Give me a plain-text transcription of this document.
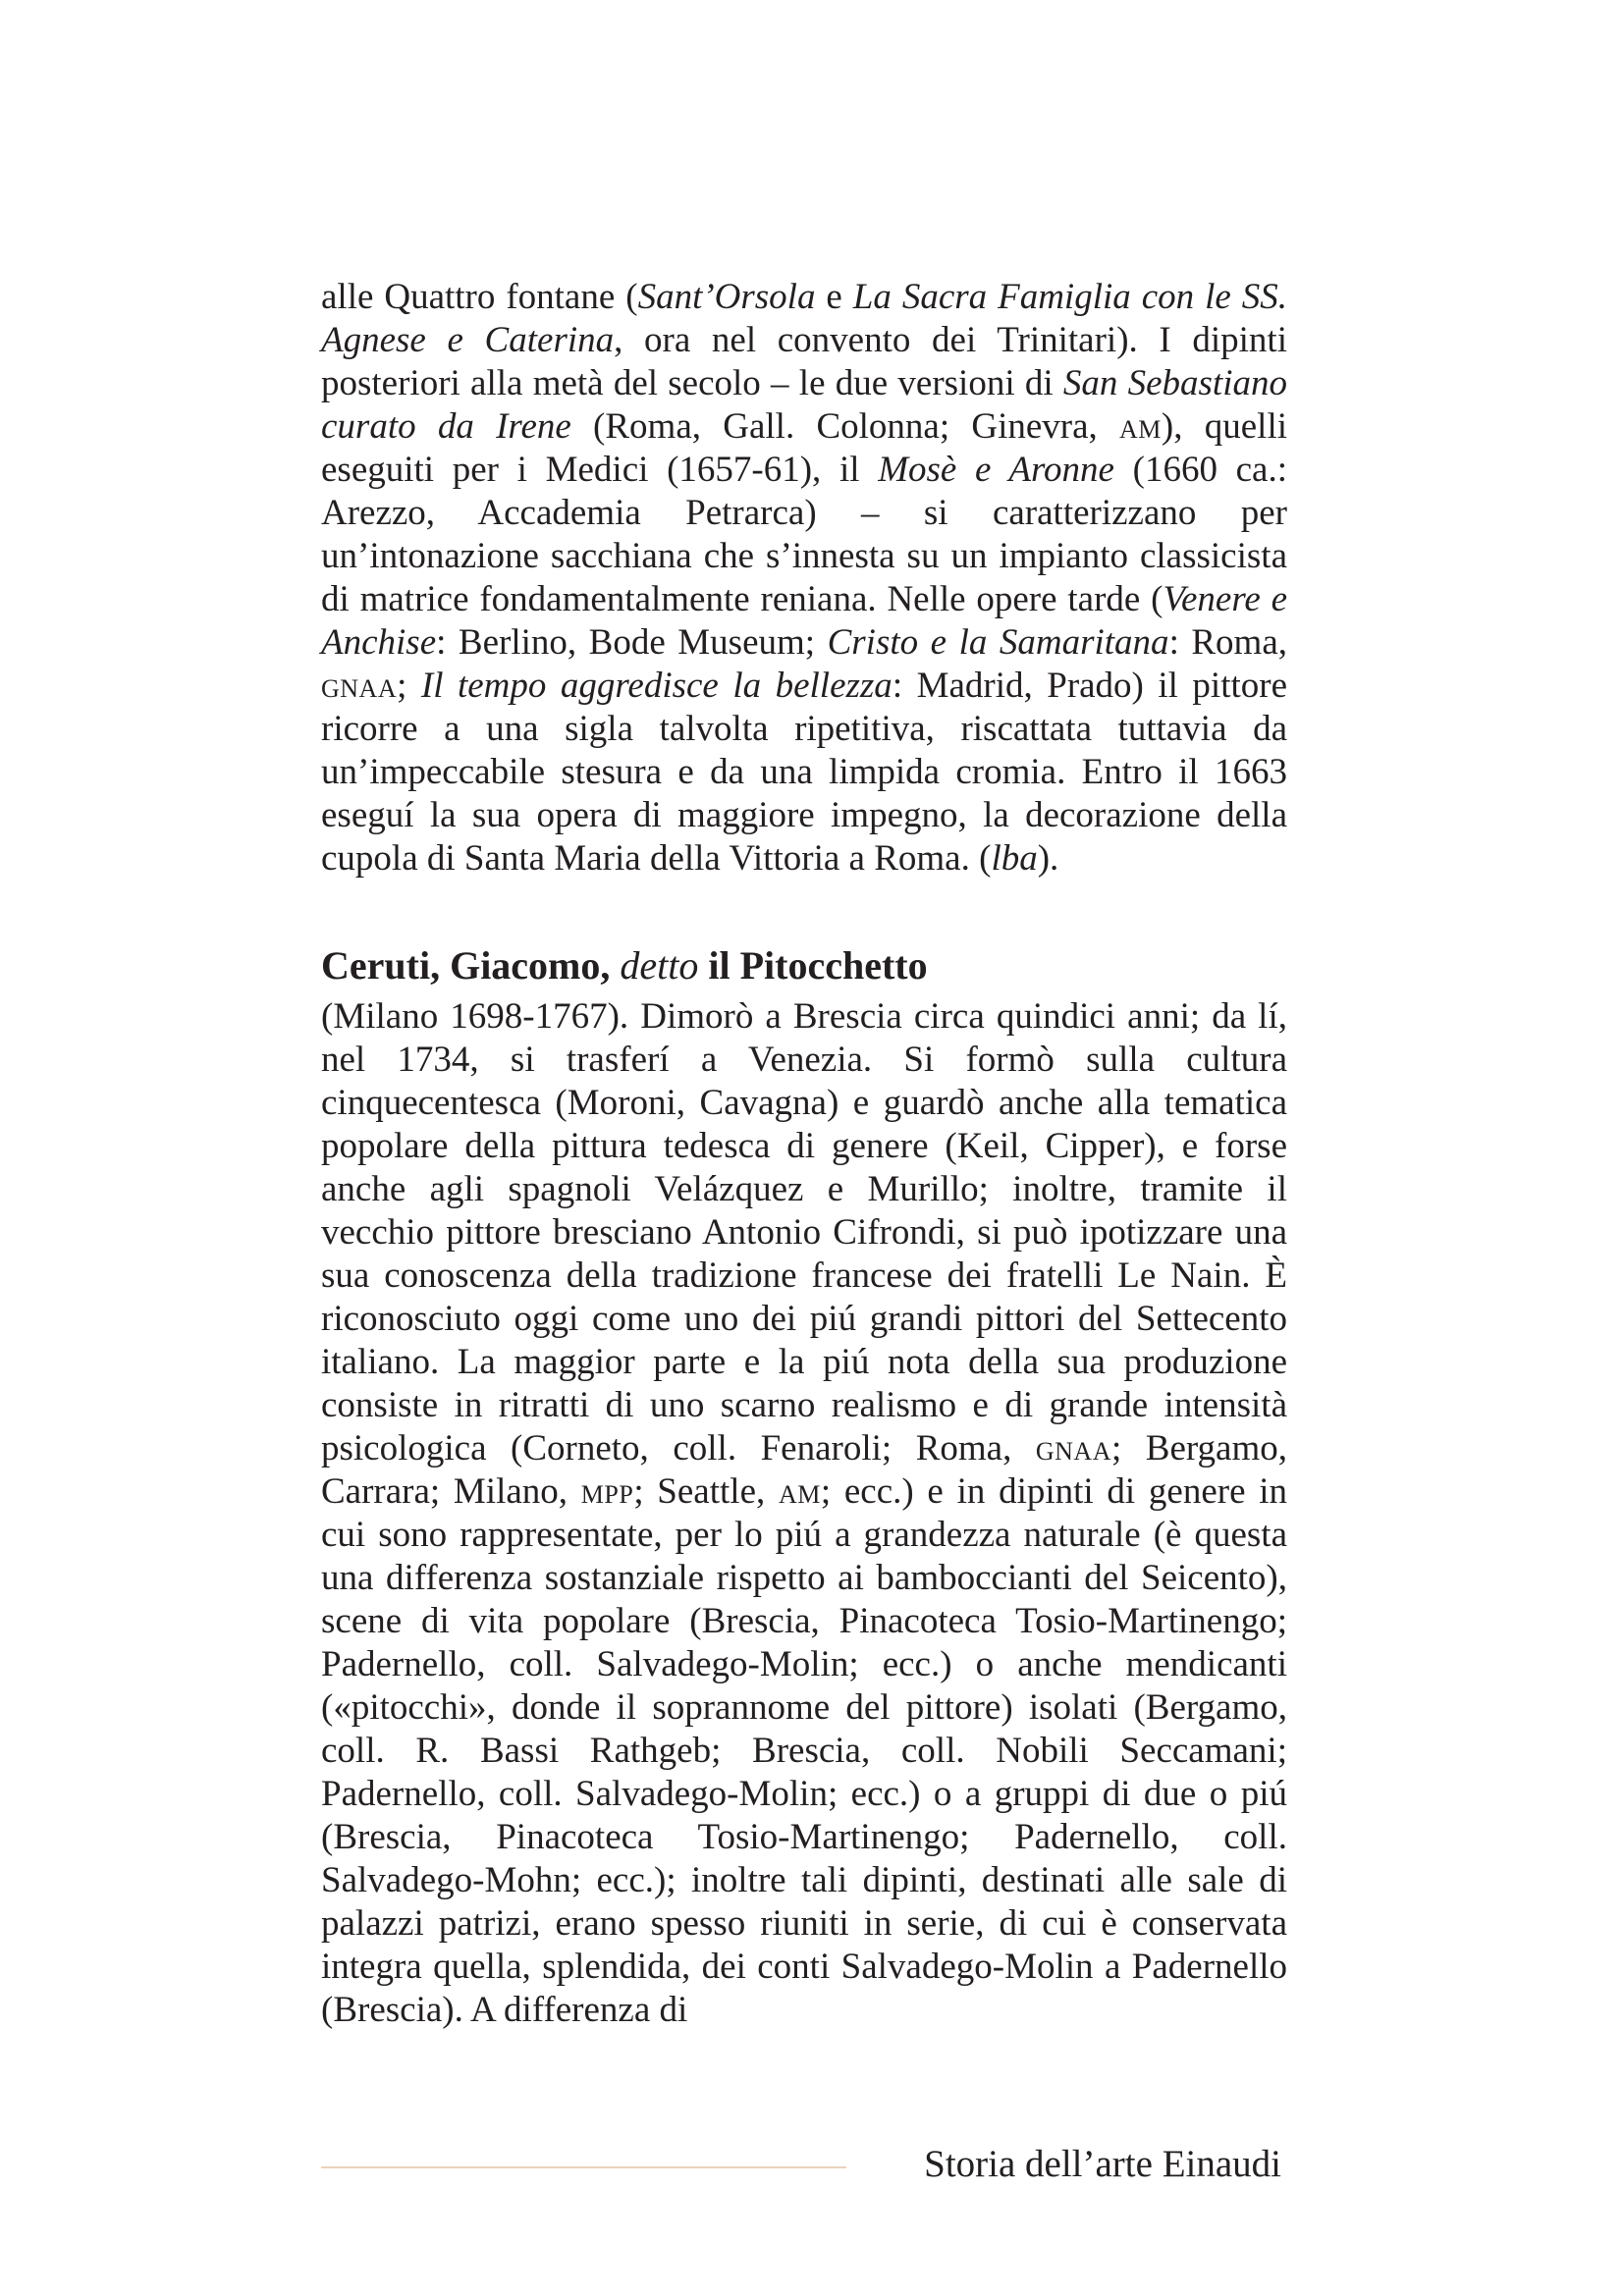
alle Quattro fontane (Sant’Orsola e La Sacra Famiglia con le SS. Agnese e Caterina, ora nel convento dei Trinitari). I dipinti posteriori alla metà del secolo – le due versioni di San Sebastiano curato da Irene (Roma, Gall. Colonna; Ginevra, am), quelli eseguiti per i Medici (1657-61), il Mosè e Aronne (1660 ca.: Arezzo, Accademia Petrarca) – si caratterizzano per un’intonazione sacchiana che s’innesta su un impianto classicista di matrice fondamentalmente reniana. Nelle opere tarde (Venere e Anchise: Berlino, Bode Museum; Cristo e la Samaritana: Roma, gnaa; Il tempo aggredisce la bellezza: Madrid, Prado) il pittore ricorre a una sigla talvolta ripetitiva, riscattata tuttavia da un’impeccabile stesura e da una limpida cromia. Entro il 1663 eseguí la sua opera di maggiore impegno, la decorazione della cupola di Santa Maria della Vittoria a Roma. (lba).
Ceruti, Giacomo, detto il Pitocchetto
(Milano 1698-1767). Dimorò a Brescia circa quindici anni; da lí, nel 1734, si trasferí a Venezia. Si formò sulla cultura cinquecentesca (Moroni, Cavagna) e guardò anche alla tematica popolare della pittura tedesca di genere (Keil, Cipper), e forse anche agli spagnoli Velázquez e Murillo; inoltre, tramite il vecchio pittore bresciano Antonio Cifrondi, si può ipotizzare una sua conoscenza della tradizione francese dei fratelli Le Nain. È riconosciuto oggi come uno dei piú grandi pittori del Settecento italiano. La maggior parte e la piú nota della sua produzione consiste in ritratti di uno scarno realismo e di grande intensità psicologica (Corneto, coll. Fenaroli; Roma, gnaa; Bergamo, Carrara; Milano, mpp; Seattle, am; ecc.) e in dipinti di genere in cui sono rappresentate, per lo piú a grandezza naturale (è questa una differenza sostanziale rispetto ai bamboccianti del Seicento), scene di vita popolare (Brescia, Pinacoteca Tosio-Martinengo; Padernello, coll. Salvadego-Molin; ecc.) o anche mendicanti («pitocchi», donde il soprannome del pittore) isolati (Bergamo, coll. R. Bassi Rathgeb; Brescia, coll. Nobili Seccamani; Padernello, coll. Salvadego-Molin; ecc.) o a gruppi di due o piú (Brescia, Pinacoteca Tosio-Martinengo; Padernello, coll. Salvadego-Mohn; ecc.); inoltre tali dipinti, destinati alle sale di palazzi patrizi, erano spesso riuniti in serie, di cui è conservata integra quella, splendida, dei conti Salvadego-Molin a Padernello (Brescia). A differenza di
Storia dell’arte Einaudi
